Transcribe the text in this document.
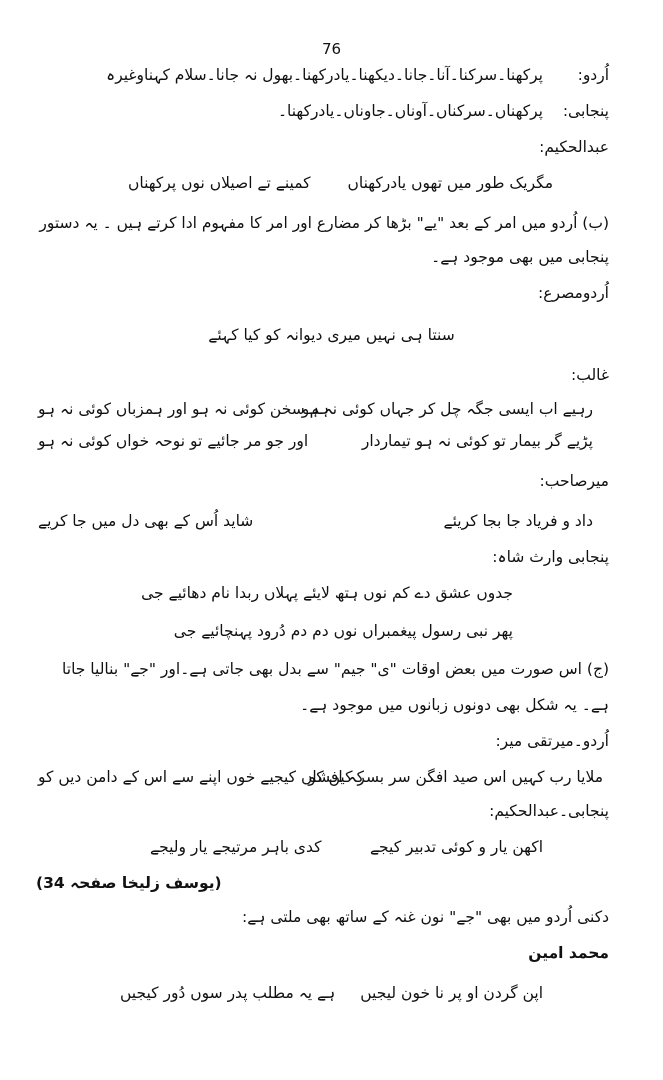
76
اُردو:پرکھنا۔سرکنا۔آنا۔جانا۔دیکھنا۔یادرکھنا۔بھول نہ جانا۔سلام کہناوغیرہ
پنجابی:پرکھناں۔سرکناں۔آوناں۔جاوناں۔یادرکھنا۔
عبدالحکیم:
مگریک طور میں تھوں یادرکھناں
کمینے تے اصیلاں نوں پرکھناں
(ب) اُردو میں امر کے بعد "یے" بڑھا کر مضارع اور امر کا مفہوم ادا کرتے ہیں ۔ یہ دستور
پنجابی میں بھی موجود ہے۔
اُردومصرع:
سنتا ہی نہیں میری دیوانہ کو کیا کہئے
غالب:
رہیے اب ایسی جگہ چل کر جہاں کوئی نہ ہو
ہم سخن کوئی نہ ہو اور ہمزباں کوئی نہ ہو
پڑیے گر بیمار تو کوئی نہ ہو تیماردار
اور جو مر جائیے تو نوحہ خواں کوئی نہ ہو
میرصاحب:
داد و فریاد جا بجا کریئے
شاید اُس کے بھی دل میں جا کریے
پنجابی وارث شاہ:
جدوں عشق دے کم نوں ہتھ لایئے پہلاں ربدا نام دھائیے جی
پھر نبی رسول پیغمبراں نوں دم دم دُرود پہنچائیے جی
(ج) اس صورت میں بعض اوقات "ی" جیم" سے بدل بھی جاتی ہے۔اور "جے" بنالیا جاتا
ہے۔ یہ شکل بھی دونوں زبانوں میں موجود ہے۔
اُردو۔میرتقی میر:
ملایا رب کہیں اس صید افگن سر بسر کیں کو
کہ افشاں کیجیے خوں اپنے سے اس کے دامن دیں کو
پنجابی۔عبدالحکیم:
اکھن یار و کوئی تدبیر کیجے
کدی باہر مرتیجے یار ولیجے
(یوسف زلیخا صفحہ 34)
دکنی اُردو میں بھی "جے" نون غنہ کے ساتھ بھی ملتی ہے:
محمد امین
اپن گردن او پر نا خون لیجیں
ہے یہ مطلب پدر سوں دُور کیجیں
